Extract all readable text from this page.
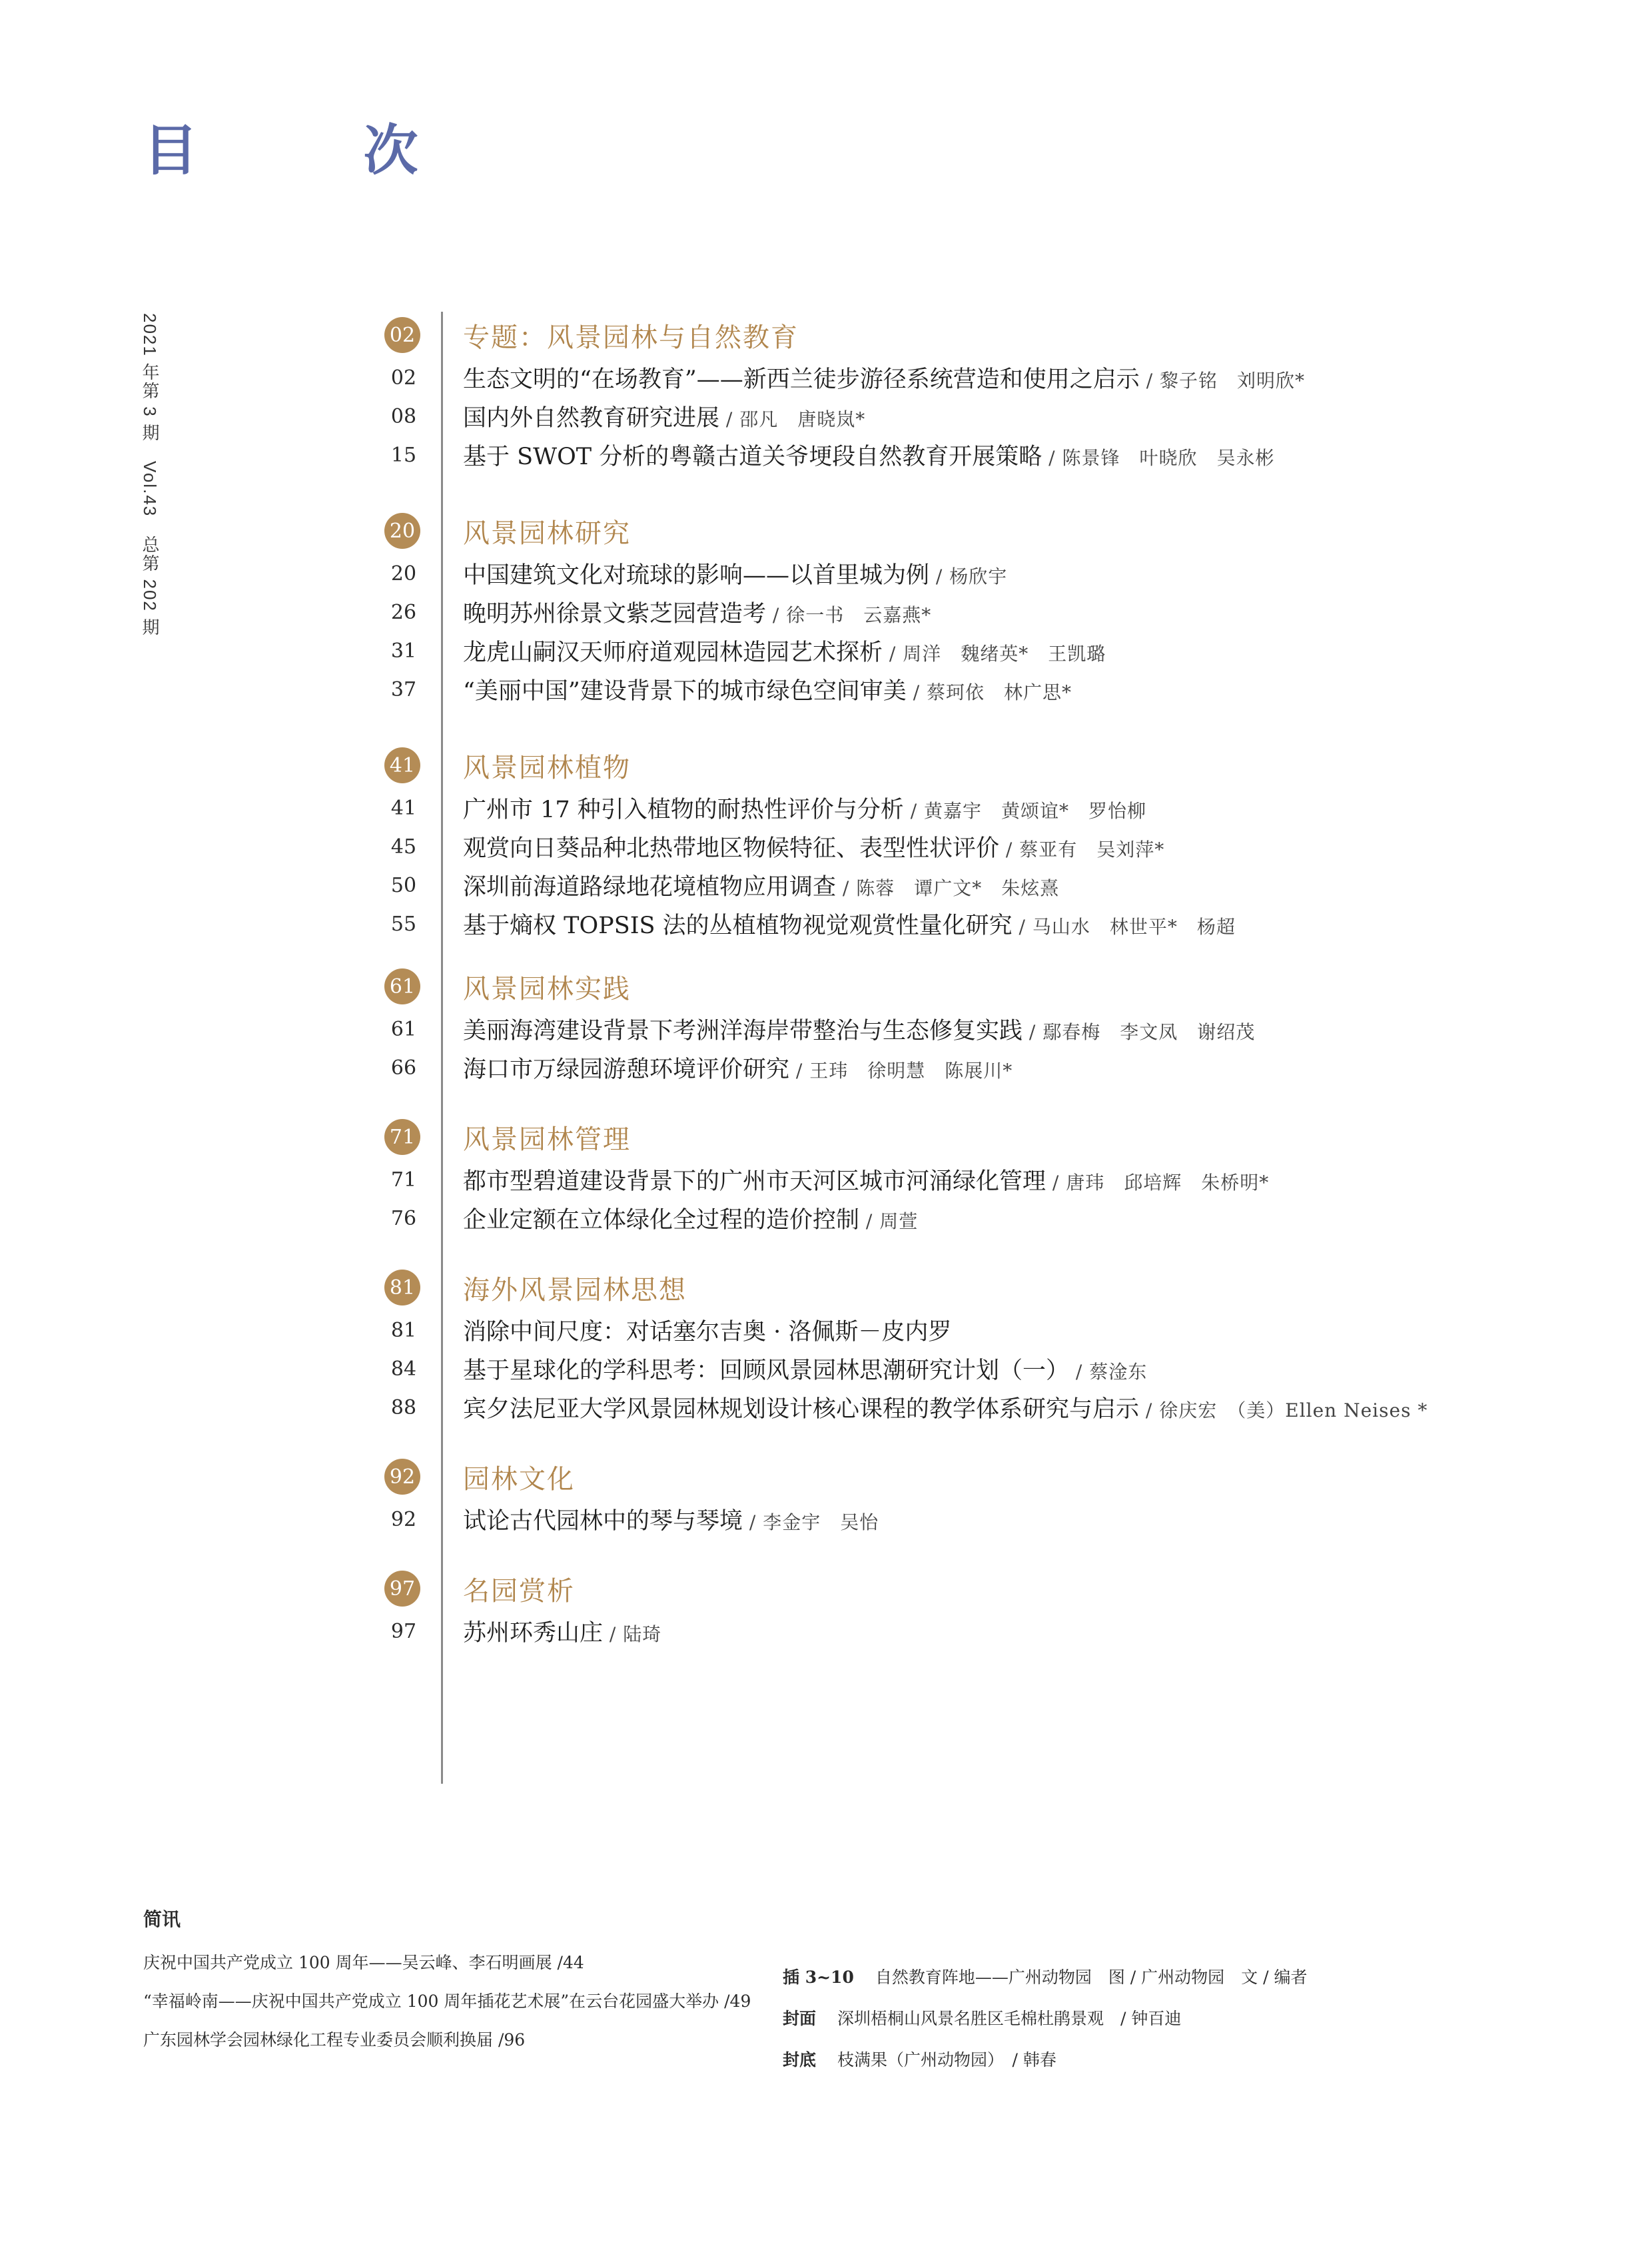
目 次
2021 年第 3 期　Vol.43　总第 202 期	02 专题：风景园林与自然教育
02	生态文明的“在场教育”——新西兰徒步游径系统营造和使用之启示 / 黎子铭　刘明欣*
08	国内外自然教育研究进展 / 邵凡　唐晓岚*
15	基于 SWOT 分析的粤赣古道关爷埂段自然教育开展策略 / 陈景锋　叶晓欣　吴永彬
20 风景园林研究
20	中国建筑文化对琉球的影响——以首里城为例 / 杨欣宇
26	晚明苏州徐景文紫芝园营造考 / 徐一书　云嘉燕*
31	龙虎山嗣汉天师府道观园林造园艺术探析 / 周洋　魏绪英*　王凯璐
37	“美丽中国”建设背景下的城市绿色空间审美 / 蔡珂依　林广思*
41 风景园林植物
41	广州市 17 种引入植物的耐热性评价与分析 / 黄嘉宇　黄颂谊*　罗怡柳
45	观赏向日葵品种北热带地区物候特征、表型性状评价 / 蔡亚有　吴刘萍*
50	深圳前海道路绿地花境植物应用调查 / 陈蓉　谭广文*　朱炫熹
55	基于熵权 TOPSIS 法的丛植植物视觉观赏性量化研究 / 马山水　林世平*　杨超
61 风景园林实践
61	美丽海湾建设背景下考洲洋海岸带整治与生态修复实践 / 鄢春梅　李文凤　谢绍茂
66	海口市万绿园游憩环境评价研究 / 王玮　徐明慧　陈展川*
71 风景园林管理
71	都市型碧道建设背景下的广州市天河区城市河涌绿化管理 / 唐玮　邱培辉　朱桥明*
76	企业定额在立体绿化全过程的造价控制 / 周萱
81 海外风景园林思想
81	消除中间尺度：对话塞尔吉奥 · 洛佩斯－皮内罗
84	基于星球化的学科思考：回顾风景园林思潮研究计划（一） / 蔡淦东
88	宾夕法尼亚大学风景园林规划设计核心课程的教学体系研究与启示 / 徐庆宏　（美）Ellen Neises *
92 园林文化
92	试论古代园林中的琴与琴境 / 李金宇　吴怡
97 名园赏析
97	苏州环秀山庄 / 陆琦
简讯
庆祝中国共产党成立 100 周年——吴云峰、李石明画展 /44
“幸福岭南——庆祝中国共产党成立 100 周年插花艺术展”在云台花园盛大举办 /49
广东园林学会园林绿化工程专业委员会顺利换届 /96
插 3~10 自然教育阵地——广州动物园　图 / 广州动物园　文 / 编者
封面 深圳梧桐山风景名胜区毛棉杜鹃景观　/ 钟百迪
封底 枝满果（广州动物园）　/ 韩春
